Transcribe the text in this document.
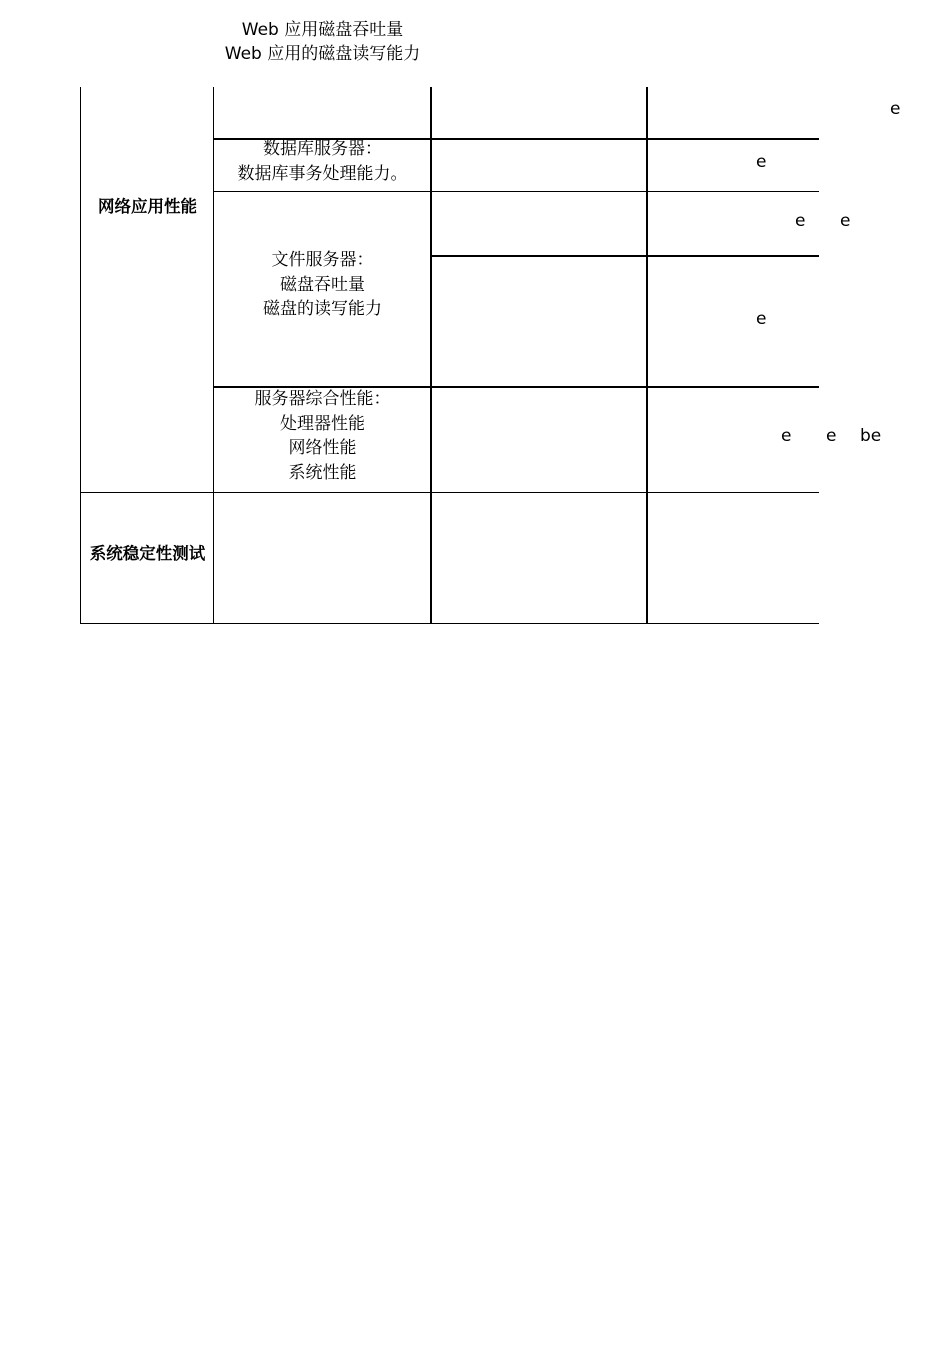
Web 应用磁盘吞吐量
Web 应用的磁盘读写能力
网络应用性能
系统稳定性测试
数据库服务器：
数据库事务处理能力。
文件服务器：
磁盘吞吐量
磁盘的读写能力
服务器综合性能：
处理器性能
网络性能
系统性能
e
e
e e
e
e e be
